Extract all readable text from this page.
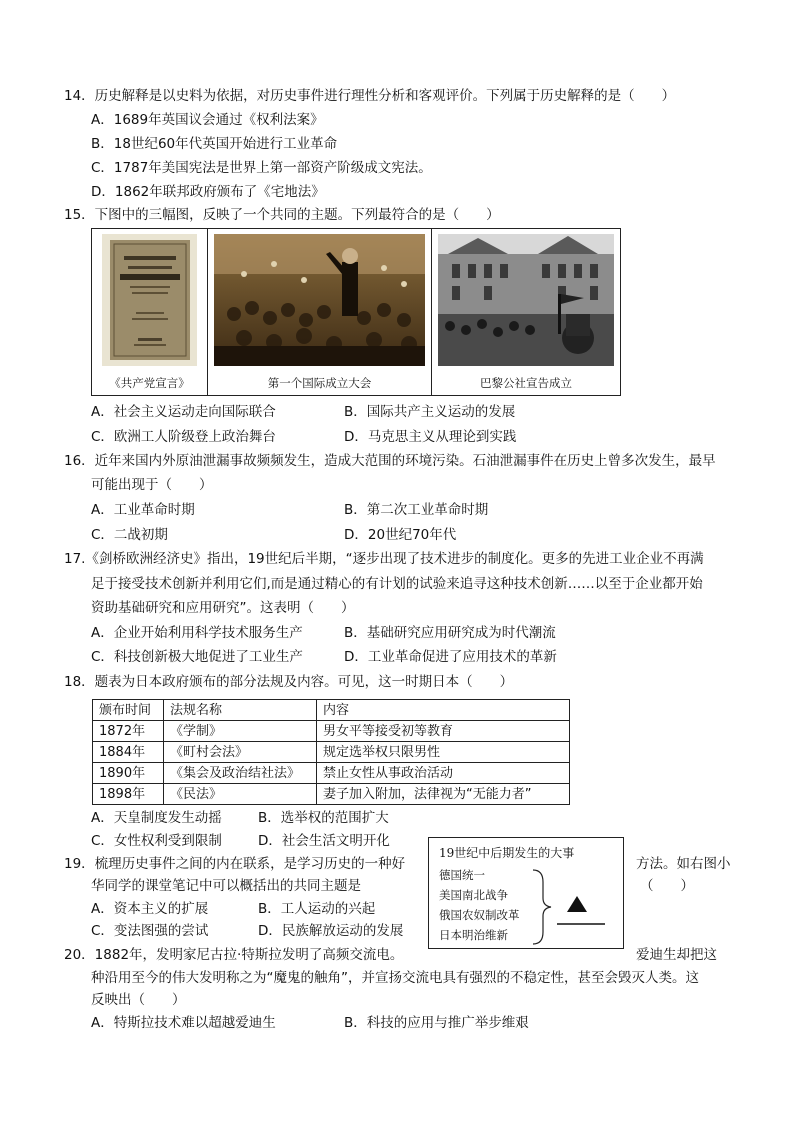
14．历史解释是以史料为依据，对历史事件进行理性分析和客观评价。下列属于历史解释的是（　　）
A．1689年英国议会通过《权利法案》
B．18世纪60年代英国开始进行工业革命
C．1787年美国宪法是世界上第一部资产阶级成文宪法。
D．1862年联邦政府颁布了《宅地法》
15．下图中的三幅图，反映了一个共同的主题。下列最符合的是（　　）
《共产党宣言》	第一个国际成立大会	巴黎公社宣告成立
A．社会主义运动走向国际联合	B．国际共产主义运动的发展
C．欧洲工人阶级登上政治舞台	D．马克思主义从理论到实践
16．近年来国内外原油泄漏事故频频发生，造成大范围的环境污染。石油泄漏事件在历史上曾多次发生，最早
可能出现于（　　）
A．工业革命时期	B．第二次工业革命时期
C．二战初期	D．20世纪70年代
17.《剑桥欧洲经济史》指出，19世纪后半期，“逐步出现了技术进步的制度化。更多的先进工业企业不再满
足于接受技术创新并利用它们,而是通过精心的有计划的试验来追寻这种技术创新……以至于企业都开始
资助基础研究和应用研究”。这表明（　　）
A．企业开始利用科学技术服务生产	B．基础研究应用研究成为时代潮流
C．科技创新极大地促进了工业生产	D．工业革命促进了应用技术的革新
18．题表为日本政府颁布的部分法规及内容。可见，这一时期日本（　　）
颁布时间	法规名称	内容
1872年	《学制》	男女平等接受初等教育
1884年	《町村会法》	规定选举权只限男性
1890年	《集会及政治结社法》	禁止女性从事政治活动
1898年	《民法》	妻子加入附加，法律视为“无能力者”
A．天皇制度发生动摇	B．选举权的范围扩大
C．女性权利受到限制	D．社会生活文明开化
19世纪中后期发生的大事
德国统一
美国南北战争
俄国农奴制改革
日本明治维新
19．梳理历史事件之间的内在联系，是学习历史的一种好	方法。如右图小
华同学的课堂笔记中可以概括出的共同主题是	（　　）
A．资本主义的扩展	B．工人运动的兴起
C．变法图强的尝试	D．民族解放运动的发展
20．1882年，发明家尼古拉·特斯拉发明了高频交流电。	爱迪生却把这
种沿用至今的伟大发明称之为“魔鬼的触角”，并宣扬交流电具有强烈的不稳定性，甚至会毁灭人类。这
反映出（　　）
A．特斯拉技术难以超越爱迪生	B．科技的应用与推广举步维艰
